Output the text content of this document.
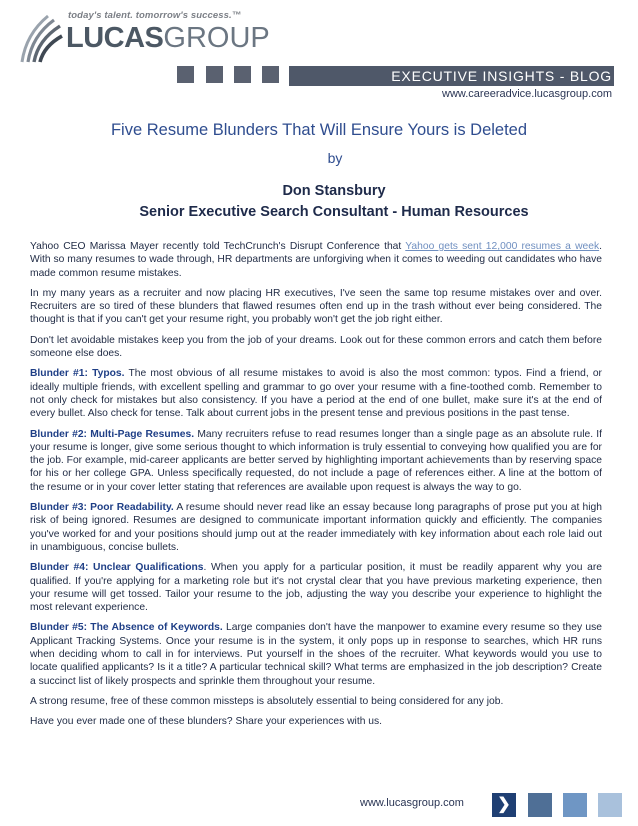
today's talent. tomorrow's success.™
LUCASGROUP
EXECUTIVE INSIGHTS - BLOG
www.careeradvice.lucasgroup.com
Five Resume Blunders That Will Ensure Yours is Deleted
by
Don Stansbury
Senior Executive Search Consultant - Human Resources

Yahoo CEO Marissa Mayer recently told TechCrunch's Disrupt Conference that Yahoo gets sent 12,000 resumes a week. With so many resumes to wade through, HR departments are unforgiving when it comes to weeding out candidates who have made common resume mistakes.

In my many years as a recruiter and now placing HR executives, I've seen the same top resume mistakes over and over. Recruiters are so tired of these blunders that flawed resumes often end up in the trash without ever being considered. The thought is that if you can't get your resume right, you probably won't get the job right either.

Don't let avoidable mistakes keep you from the job of your dreams. Look out for these common errors and catch them before someone else does.

Blunder #1: Typos. The most obvious of all resume mistakes to avoid is also the most common: typos. Find a friend, or ideally multiple friends, with excellent spelling and grammar to go over your resume with a fine-toothed comb. Remember to not only check for mistakes but also consistency. If you have a period at the end of one bullet, make sure it's at the end of every bullet. Also check for tense. Talk about current jobs in the present tense and previous positions in the past tense.

Blunder #2: Multi-Page Resumes. Many recruiters refuse to read resumes longer than a single page as an absolute rule. If your resume is longer, give some serious thought to which information is truly essential to conveying how qualified you are for the job. For example, mid-career applicants are better served by highlighting important achievements than by reserving space for his or her college GPA. Unless specifically requested, do not include a page of references either. A line at the bottom of the resume or in your cover letter stating that references are available upon request is always the way to go.

Blunder #3: Poor Readability. A resume should never read like an essay because long paragraphs of prose put you at high risk of being ignored. Resumes are designed to communicate important information quickly and efficiently. The companies you've worked for and your positions should jump out at the reader immediately with key information about each role laid out in unambiguous, concise bullets.

Blunder #4: Unclear Qualifications. When you apply for a particular position, it must be readily apparent why you are qualified. If you're applying for a marketing role but it's not crystal clear that you have previous marketing experience, then your resume will get tossed. Tailor your resume to the job, adjusting the way you describe your experience to highlight the most relevant experience.

Blunder #5: The Absence of Keywords. Large companies don't have the manpower to examine every resume so they use Applicant Tracking Systems. Once your resume is in the system, it only pops up in response to searches, which HR runs when deciding whom to call in for interviews. Put yourself in the shoes of the recruiter. What keywords would you use to locate qualified applicants? Is it a title? A particular technical skill? What terms are emphasized in the job description? Create a succinct list of likely prospects and sprinkle them throughout your resume.

A strong resume, free of these common missteps is absolutely essential to being considered for any job.

Have you ever made one of these blunders? Share your experiences with us.

www.lucasgroup.com	❯
